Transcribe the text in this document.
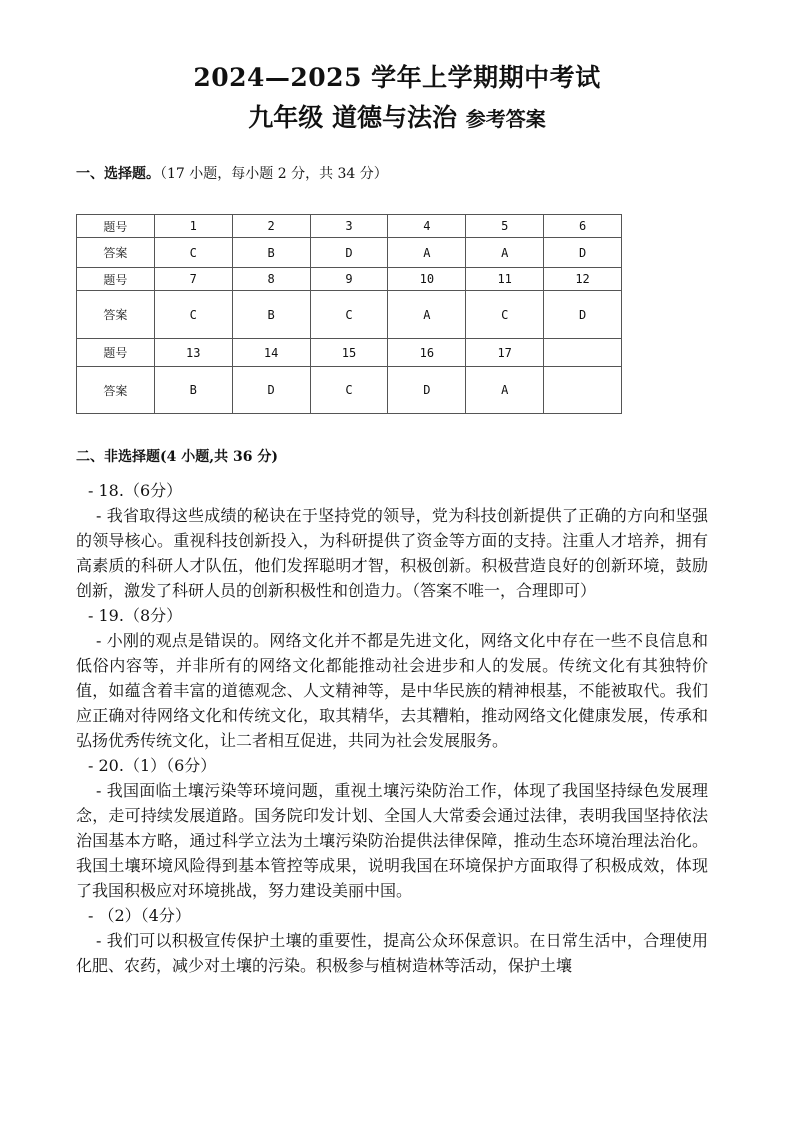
2024—2025 学年上学期期中考试
九年级 道德与法治 参考答案
一、选择题。（17 小题，每小题 2 分，共 34 分）
题号	1	2	3	4	5	6
答案	C	B	D	A	A	D
题号	7	8	9	10	11	12
答案	C	B	C	A	C	D
题号	13	14	15	16	17	
答案	B	D	C	D	A	
二、非选择题(4 小题,共 36 分)

- 18.（6分）

- 我省取得这些成绩的秘诀在于坚持党的领导，党为科技创新提供了正确的方向和坚强的领导核心。重视科技创新投入，为科研提供了资金等方面的支持。注重人才培养，拥有高素质的科研人才队伍，他们发挥聪明才智，积极创新。积极营造良好的创新环境，鼓励创新，激发了科研人员的创新积极性和创造力。（答案不唯一，合理即可）

- 19.（8分）

- 小刚的观点是错误的。网络文化并不都是先进文化，网络文化中存在一些不良信息和低俗内容等，并非所有的网络文化都能推动社会进步和人的发展。传统文化有其独特价值，如蕴含着丰富的道德观念、人文精神等，是中华民族的精神根基，不能被取代。我们应正确对待网络文化和传统文化，取其精华，去其糟粕，推动网络文化健康发展，传承和弘扬优秀传统文化，让二者相互促进，共同为社会发展服务。

- 20.（1）（6分）

- 我国面临土壤污染等环境问题，重视土壤污染防治工作，体现了我国坚持绿色发展理念，走可持续发展道路。国务院印发计划、全国人大常委会通过法律，表明我国坚持依法治国基本方略，通过科学立法为土壤污染防治提供法律保障，推动生态环境治理法治化。我国土壤环境风险得到基本管控等成果，说明我国在环境保护方面取得了积极成效，体现了我国积极应对环境挑战，努力建设美丽中国。

- （2）（4分）

- 我们可以积极宣传保护土壤的重要性，提高公众环保意识。在日常生活中，合理使用化肥、农药，减少对土壤的污染。积极参与植树造林等活动，保护土壤
